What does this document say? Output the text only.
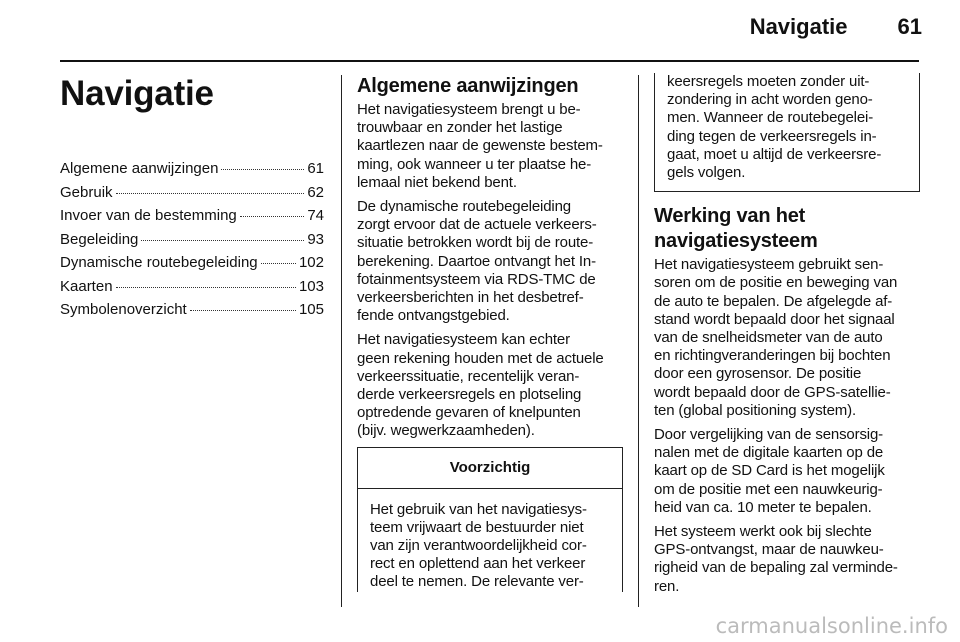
Navigatie 61
Navigatie
Algemene aanwijzingen	61
Gebruik	62
Invoer van de bestemming	74
Begeleiding	93
Dynamische routebegeleiding	102
Kaarten	103
Symbolenoverzicht	105
Algemene aanwijzingen

Het navigatiesysteem brengt u be-
trouwbaar en zonder het lastige
kaartlezen naar de gewenste bestem-
ming, ook wanneer u ter plaatse he-
lemaal niet bekend bent.

De dynamische routebegeleiding
zorgt ervoor dat de actuele verkeers-
situatie betrokken wordt bij de route-
berekening. Daartoe ontvangt het In-
fotainmentsysteem via RDS-TMC de
verkeersberichten in het desbetref-
fende ontvangstgebied.

Het navigatiesysteem kan echter
geen rekening houden met de actuele
verkeerssituatie, recentelijk veran-
derde verkeersregels en plotseling
optredende gevaren of knelpunten
(bijv. wegwerkzaamheden).

Voorzichtig
Het gebruik van het navigatiesys-
teem vrijwaart de bestuurder niet
van zijn verantwoordelijkheid cor-
rect en oplettend aan het verkeer
deel te nemen. De relevante ver-
keersregels moeten zonder uit-
zondering in acht worden geno-
men. Wanneer de routebegelei-
ding tegen de verkeersregels in-
gaat, moet u altijd de verkeersre-
gels volgen.
Werking van het
navigatiesysteem

Het navigatiesysteem gebruikt sen-
soren om de positie en beweging van
de auto te bepalen. De afgelegde af-
stand wordt bepaald door het signaal
van de snelheidsmeter van de auto
en richtingveranderingen bij bochten
door een gyrosensor. De positie
wordt bepaald door de GPS-satellie-
ten (global positioning system).

Door vergelijking van de sensorsig-
nalen met de digitale kaarten op de
kaart op de SD Card is het mogelijk
om de positie met een nauwkeurig-
heid van ca. 10 meter te bepalen.

Het systeem werkt ook bij slechte
GPS-ontvangst, maar de nauwkeu-
righeid van de bepaling zal verminde-
ren.

carmanualsonline.info
